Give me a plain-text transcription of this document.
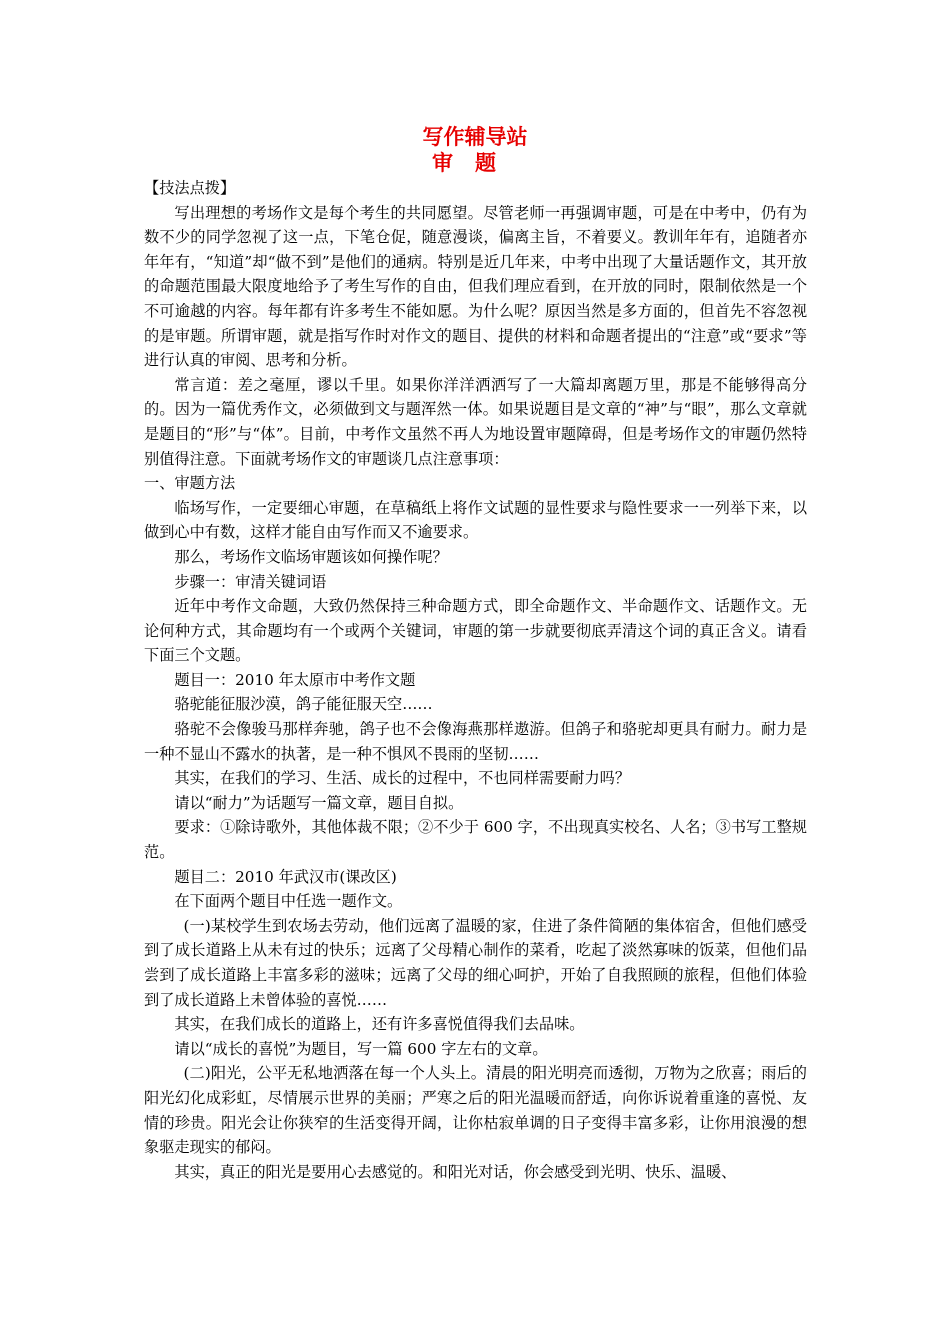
写作辅导站
审题

【技法点拨】

写出理想的考场作文是每个考生的共同愿望。尽管老师一再强调审题，可是在中考中，仍有为数不少的同学忽视了这一点，下笔仓促，随意漫谈，偏离主旨，不着要义。教训年年有，追随者亦年年有，“知道”却“做不到”是他们的通病。特别是近几年来，中考中出现了大量话题作文，其开放的命题范围最大限度地给予了考生写作的自由，但我们理应看到，在开放的同时，限制依然是一个不可逾越的内容。每年都有许多考生不能如愿。为什么呢？原因当然是多方面的，但首先不容忽视的是审题。所谓审题，就是指写作时对作文的题目、提供的材料和命题者提出的“注意”或“要求”等进行认真的审阅、思考和分析。

常言道：差之毫厘，谬以千里。如果你洋洋洒洒写了一大篇却离题万里，那是不能够得高分的。因为一篇优秀作文，必须做到文与题浑然一体。如果说题目是文章的“神”与“眼”，那么文章就是题目的“形”与“体”。目前，中考作文虽然不再人为地设置审题障碍，但是考场作文的审题仍然特别值得注意。下面就考场作文的审题谈几点注意事项：

一、审题方法

临场写作，一定要细心审题，在草稿纸上将作文试题的显性要求与隐性要求一一列举下来，以做到心中有数，这样才能自由写作而又不逾要求。

那么，考场作文临场审题该如何操作呢？

步骤一：审清关键词语

近年中考作文命题，大致仍然保持三种命题方式，即全命题作文、半命题作文、话题作文。无论何种方式，其命题均有一个或两个关键词，审题的第一步就要彻底弄清这个词的真正含义。请看下面三个文题。

题目一：2010 年太原市中考作文题

骆驼能征服沙漠，鸽子能征服天空……

骆驼不会像骏马那样奔驰，鸽子也不会像海燕那样遨游。但鸽子和骆驼却更具有耐力。耐力是一种不显山不露水的执著，是一种不惧风不畏雨的坚韧……

其实，在我们的学习、生活、成长的过程中，不也同样需要耐力吗？

请以“耐力”为话题写一篇文章，题目自拟。

要求：①除诗歌外，其他体裁不限；②不少于 600 字，不出现真实校名、人名；③书写工整规范。

题目二：2010 年武汉市(课改区)

在下面两个题目中任选一题作文。

(一)某校学生到农场去劳动，他们远离了温暖的家，住进了条件简陋的集体宿舍，但他们感受到了成长道路上从未有过的快乐；远离了父母精心制作的菜肴，吃起了淡然寡味的饭菜，但他们品尝到了成长道路上丰富多彩的滋味；远离了父母的细心呵护，开始了自我照顾的旅程，但他们体验到了成长道路上未曾体验的喜悦……

其实，在我们成长的道路上，还有许多喜悦值得我们去品味。

请以“成长的喜悦”为题目，写一篇 600 字左右的文章。

(二)阳光，公平无私地洒落在每一个人头上。清晨的阳光明亮而透彻，万物为之欣喜；雨后的阳光幻化成彩虹，尽情展示世界的美丽；严寒之后的阳光温暖而舒适，向你诉说着重逢的喜悦、友情的珍贵。阳光会让你狭窄的生活变得开阔，让你枯寂单调的日子变得丰富多彩，让你用浪漫的想象驱走现实的郁闷。

其实，真正的阳光是要用心去感觉的。和阳光对话，你会感受到光明、快乐、温暖、
